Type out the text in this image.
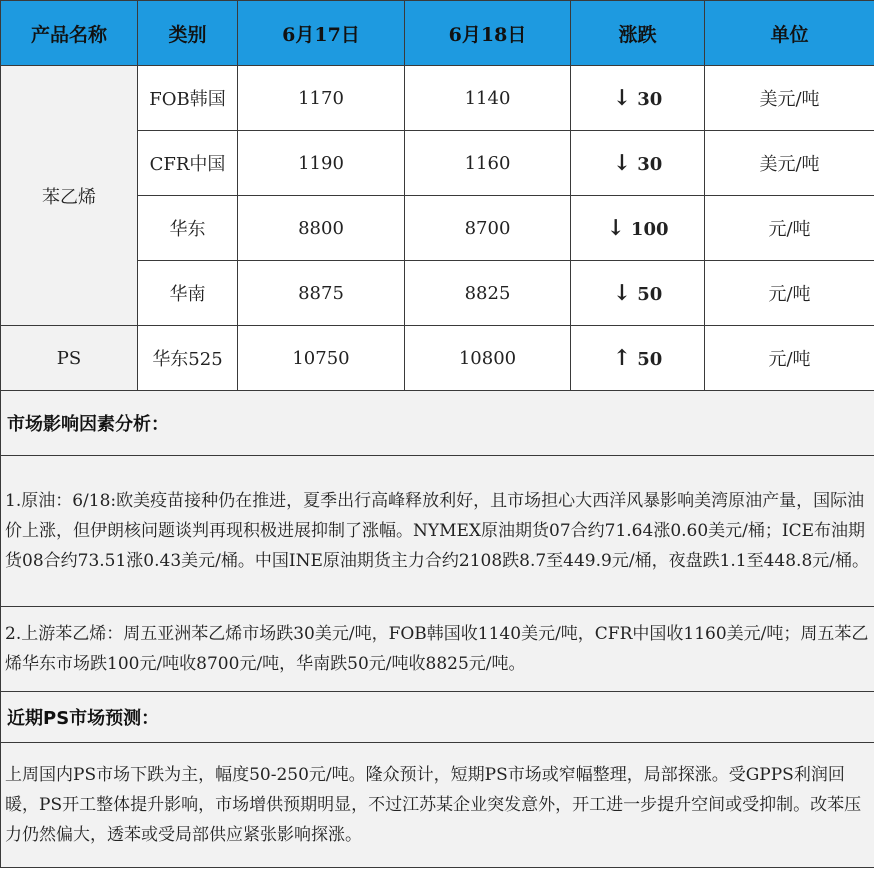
产品名称	类别	6月17日	6月18日	涨跌	单位
苯乙烯	FOB韩国	1170	1140	↓ 30	美元/吨
	CFR中国	1190	1160	↓ 30	美元/吨
	华东	8800	8700	↓ 100	元/吨
	华南	8875	8825	↓ 50	元/吨
PS	华东525	10750	10800	↑ 50	元/吨
市场影响因素分析：					
1.原油：6/18:欧美疫苗接种仍在推进，夏季出行高峰释放利好，且市场担心大西洋风暴影响美湾原油产量，国际油价上涨，但伊朗核问题谈判再现积极进展抑制了涨幅。NYMEX原油期货07合约71.64涨0.60美元/桶；ICE布油期货08合约73.51涨0.43美元/桶。中国INE原油期货主力合约2108跌8.7至449.9元/桶，夜盘跌1.1至448.8元/桶。					
2.上游苯乙烯：周五亚洲苯乙烯市场跌30美元/吨，FOB韩国收1140美元/吨，CFR中国收1160美元/吨；周五苯乙烯华东市场跌100元/吨收8700元/吨，华南跌50元/吨收8825元/吨。					
近期PS市场预测：					
上周国内PS市场下跌为主，幅度50-250元/吨。隆众预计，短期PS市场或窄幅整理，局部探涨。受GPPS利润回暖，PS开工整体提升影响，市场增供预期明显，不过江苏某企业突发意外，开工进一步提升空间或受抑制。改苯压力仍然偏大，透苯或受局部供应紧张影响探涨。					
